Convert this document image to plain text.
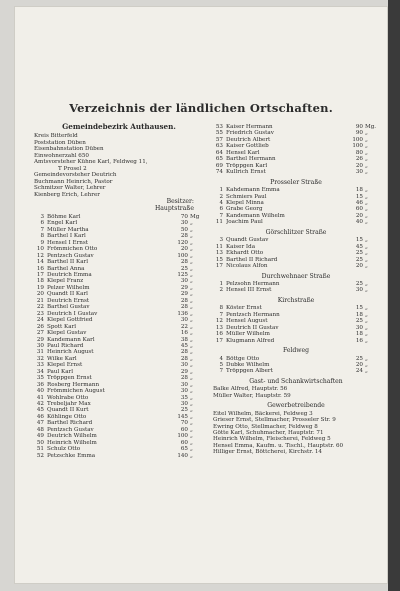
Verzeichnis der ländlichen Ortschaften.
Gemeindebezirk Authausen.
Kreis Bitterfeld
Poststation Düben
Eisenbahnstation Düben
Einwohnerzahl 650
Amtsvorsteher Kühne Karl, Feldweg 11,
T Prosel 2
Gemeindevorsteher Deutrich
Buchmann Heinrich, Pastor
Schmitzer Walter, Lehrer
Kienberg Erich, Lehrer
Besitzer:
Hauptstraße
3 Böhme Karl	70 Mg
6 Engel Karl	30 „
7 Müller Martha	50 „
8 Barthel I Karl	28 „
9 Hensel I Ernst	120 „
10 Frömmichen Otto	20 „
12 Pentzsch Gustav	100 „
14 Barthel II Karl	28 „
16 Barthel Anna	25 „
17 Deutrich Emma	125 „
18 Klepel Franz	30 „
19 Pelzer Wilhelm	29 „
20 Quandt II Karl	29 „
21 Deutrich Ernst	28 „
22 Barthel Gustav	28 „
23 Deutrich I Gustav	136 „
24 Klepel Gottfried	30 „
26 Spott Karl	22 „
27 Klepel Gustav	16 „
29 Kandemann Karl	38 „
30 Paul Richard	45 „
31 Heinrich August	28 „
32 Wilke Karl	28 „
33 Klepel Ernst	30 „
34 Paul Karl	29 „
35 Tröppgen Ernst	28 „
36 Rosberg Hermann	30 „
40 Frömmichen August	30 „
41 Wohlrabe Otto	35 „
42 Trebeljahr Max	30 „
45 Quandt II Kurt	25 „
46 Köhlinge Otto	145 „
47 Barthel Richard	70 „
48 Pentzsch Gustav	60 „
49 Deutrich Wilhelm	100 „
50 Heinrich Wilhelm	60 „
51 Schulz Otto	65 „
52 Petzschke Emma	140 „
53 Kaiser Hermann	90 Mg.
55 Friedrich Gustav	90 „
57 Deutrich Albert	100 „
63 Kaiser Gottlieb	100 „
64 Hensel Karl	80 „
65 Barthel Hermann	26 „
69 Tröppgen Karl	20 „
74 Kullrich Ernst	30 „
Prosseler Straße
1 Kahdemann Emma	18 „
2 Schmiers Paul	15 „
4 Klepel Minna	46 „
6 Grabe Georg	60 „
7 Kandemann Wilhelm	20 „
11 Joachim Paul	40 „
Görschlitzer Straße
3 Quandt Gustav	15 „
11 Kaiser Ida	45 „
13 Ekhardt Otto	25 „
15 Barthel II Richard	25 „
17 Nicolaus Alfon	20 „
Durchwehnaer Straße
1 Pelzsohn Hermann	25 „
2 Hensel III Ernst	30 „
Kirchstraße
8 Köster Ernst	15 „
7 Pentzsch Hermann	18 „
12 Hensel August	25 „
13 Deutrich II Gustav	30 „
16 Müller Wilhelm	18 „
17 Klugmann Alfred	16 „
Feldweg
4 Böttge Otto	25 „
5 Dubke Wilhelm	20 „
7 Tröppgen Albert	24 „
Gast- und Schankwirtschaften
Balke Alfred, Hauptstr. 56
Müller Walter, Hauptstr. 59
Gewerbetreibende
Eitel Wilhelm, Bäckerei, Feldweg 3
Grieser Ernst, Stellmacher, Prosseler Str. 9
Ewring Otto, Stellmacher, Feldweg 8
Götte Karl, Schuhmacher, Hauptstr. 71
Heinrich Wilhelm, Fleischerei, Feldweg 5
Hensel Emma, Kaufm. u. Tischl., Hauptstr. 60
Hilliger Ernst, Böttcherei, Kirchstr. 14
